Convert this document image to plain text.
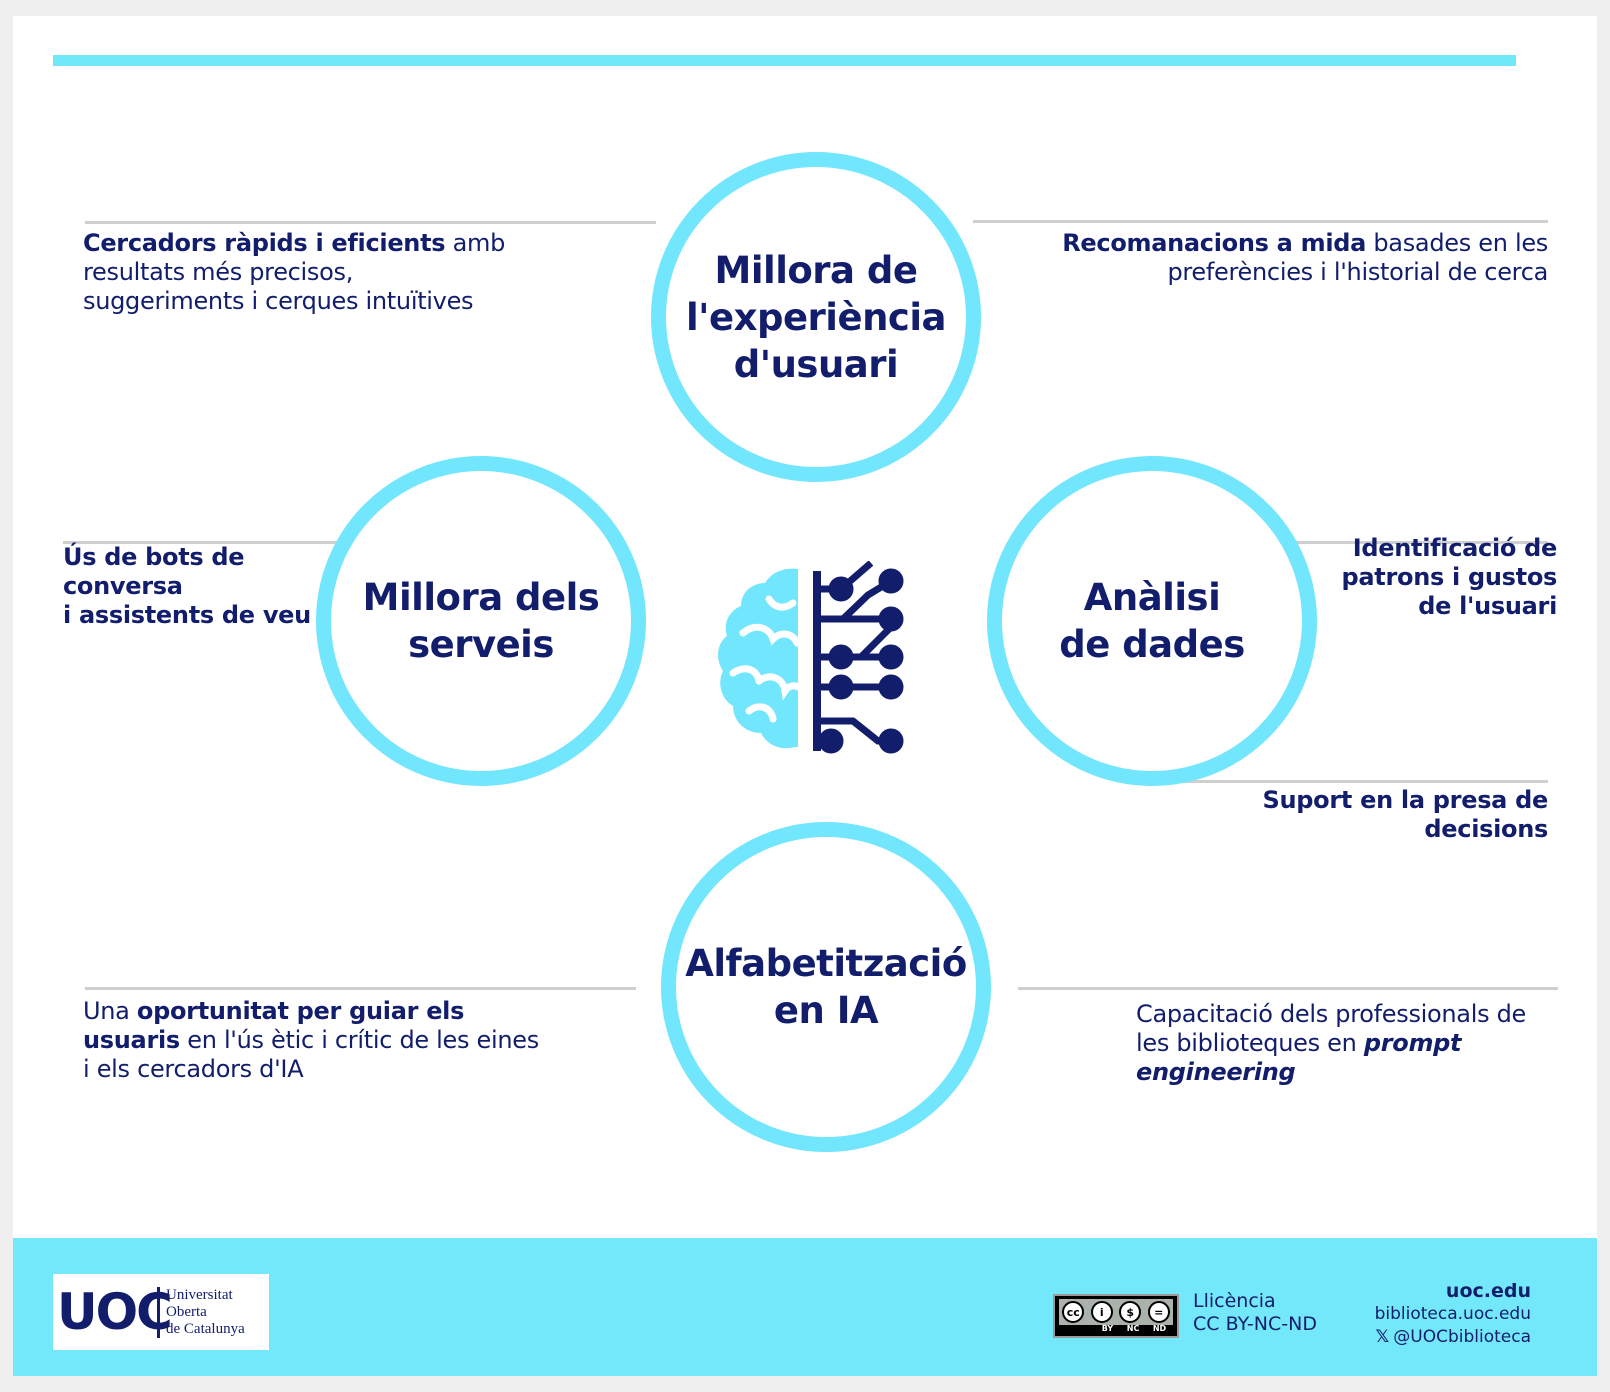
Millora de
l'experiència
d'usuari
Millora dels
serveis
Anàlisi
de dades
Alfabetització
en IA
Cercadors ràpids i eficients amb
resultats més precisos,
suggeriments i cerques intuïtives
Recomanacions a mida basades en les
preferències i l'historial de cerca
Ús de bots de
conversa
i assistents de veu
Identificació de
patrons i gustos
de l'usuari
Suport en la presa de
decisions
Una oportunitat per guiar els
usuaris en l'ús ètic i crític de les eines
i els cercadors d'IA
Capacitació dels professionals de
les biblioteques en prompt
engineering
UOC
Universitat
Oberta
de Catalunya
cc	i	$	=
BY NC ND
Llicència
CC BY-NC-ND
uoc.edu
biblioteca.uoc.edu
𝕏 @UOCbiblioteca
